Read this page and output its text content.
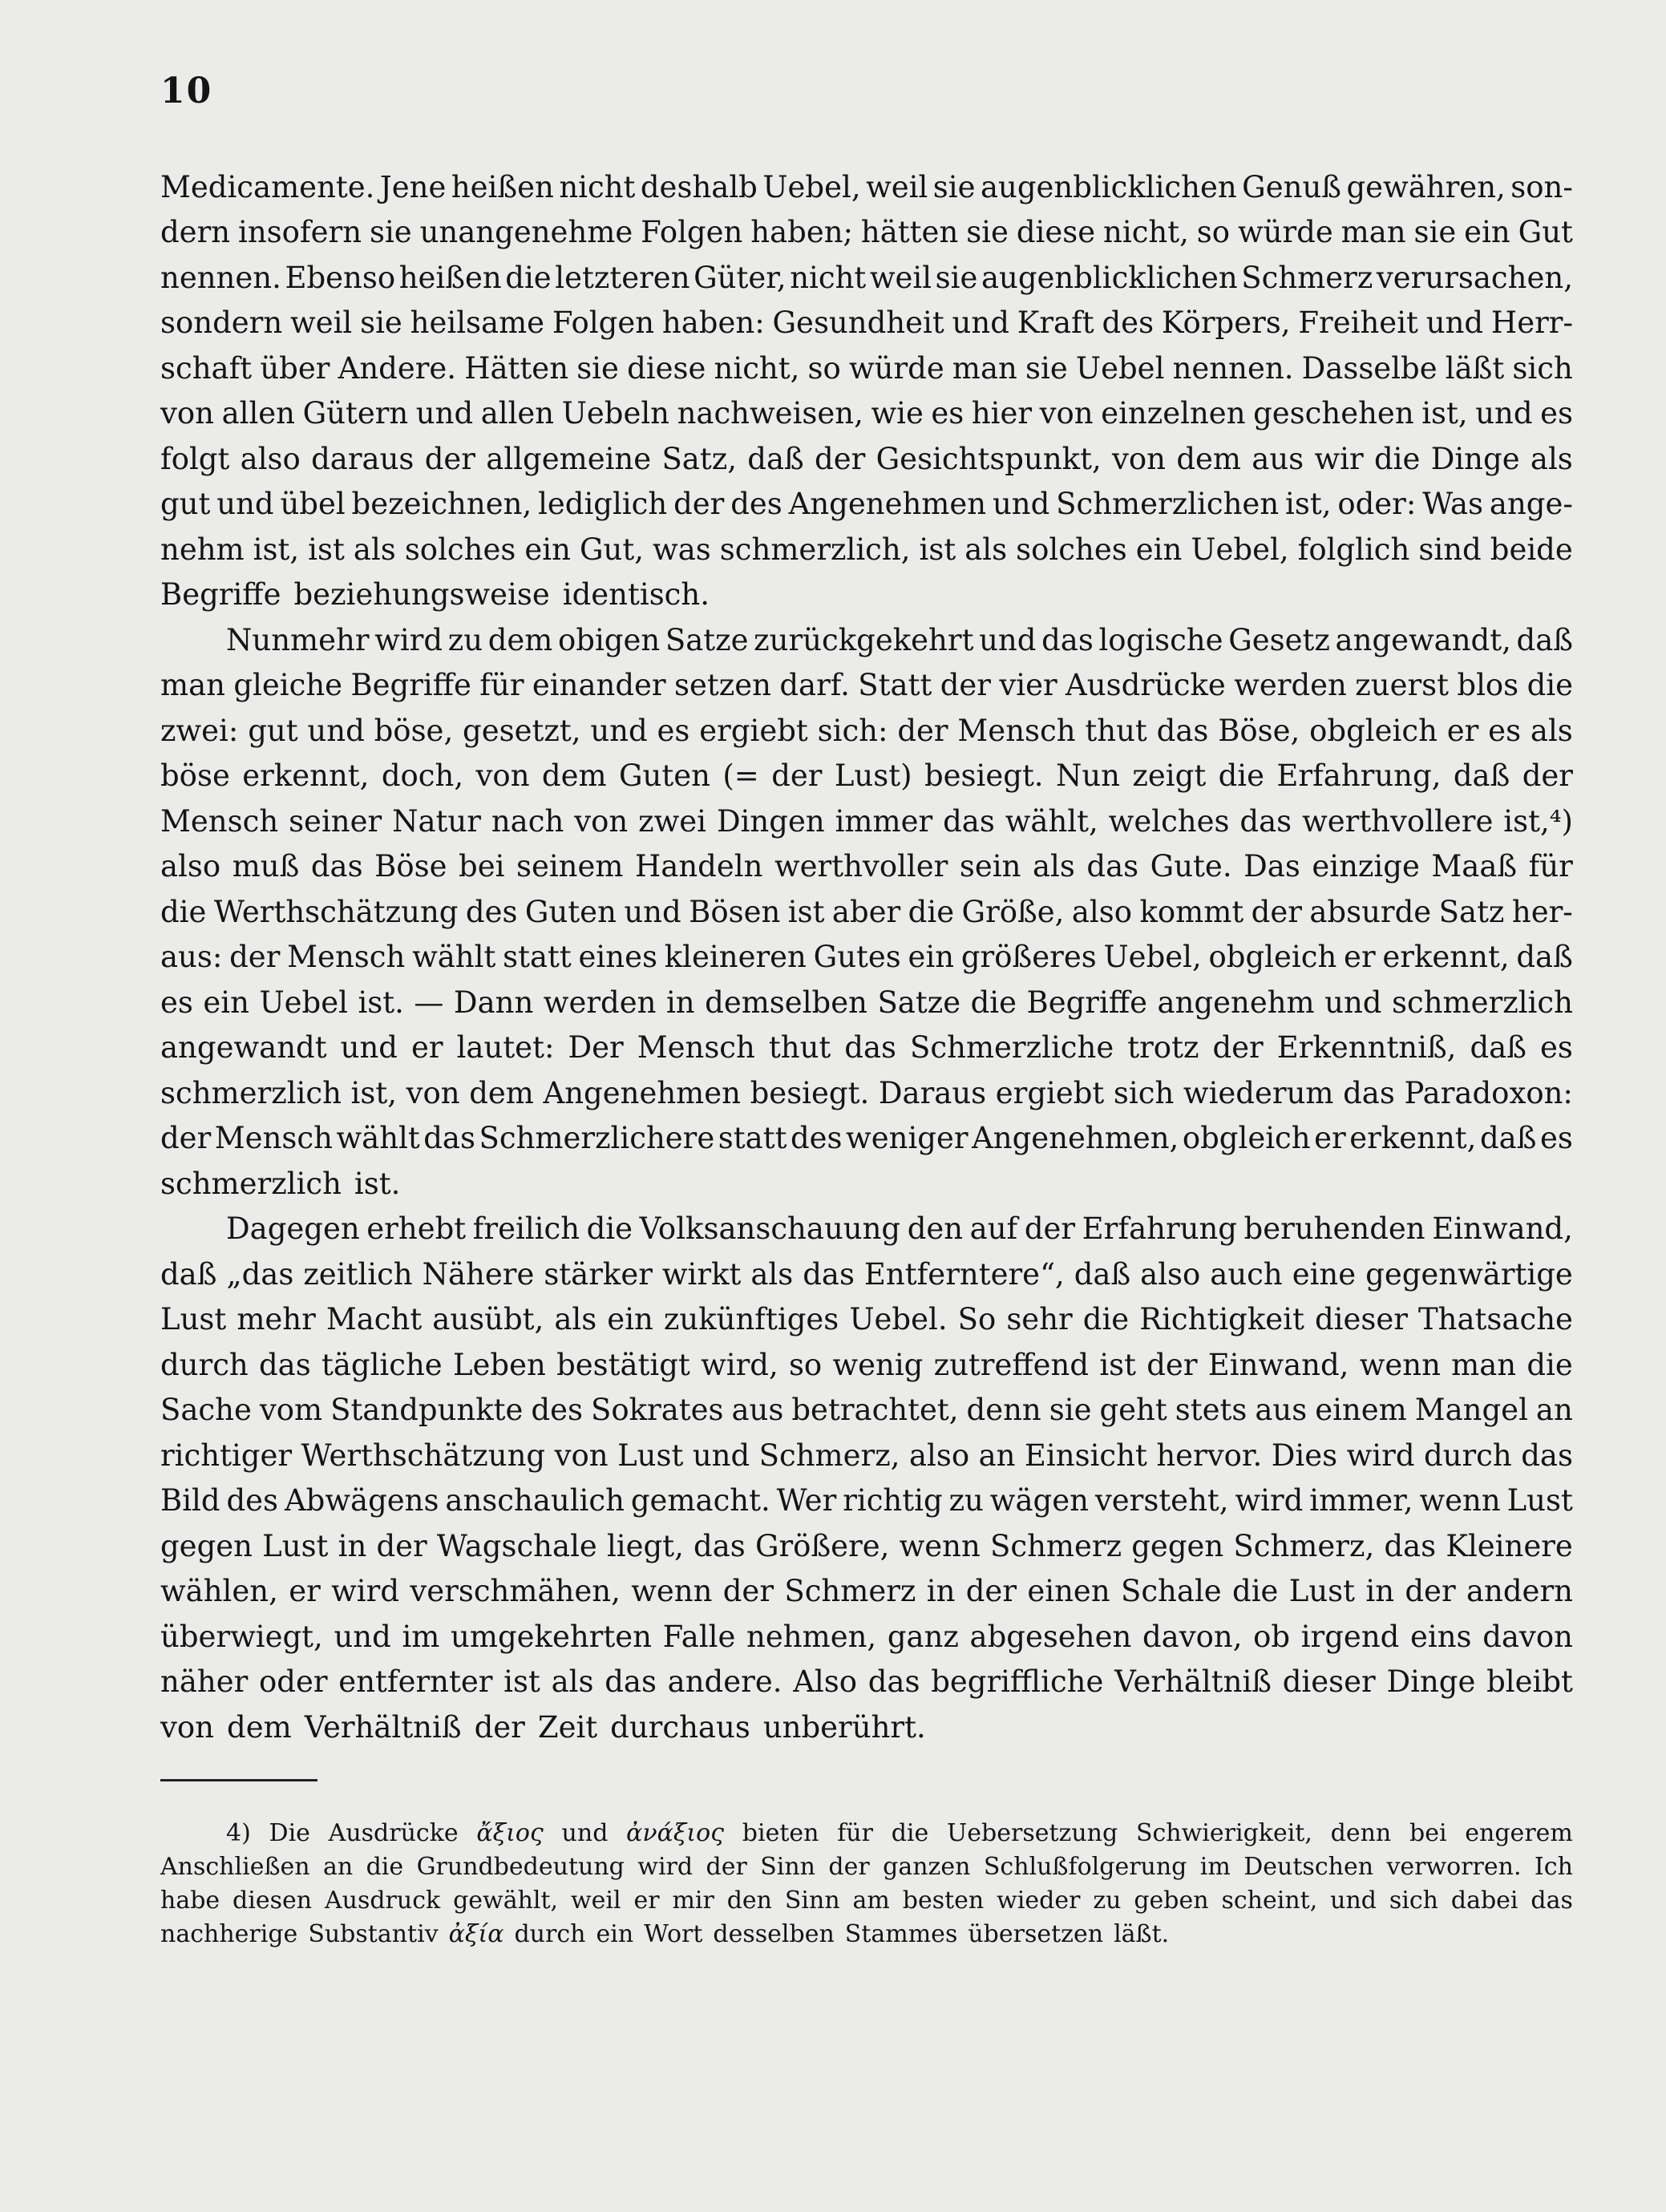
10
Medicamente. Jene heißen nicht deshalb Uebel, weil sie augenblicklichen Genuß gewähren, son-
dern insofern sie unangenehme Folgen haben; hätten sie diese nicht, so würde man sie ein Gut
nennen. Ebenso heißen die letzteren Güter, nicht weil sie augenblicklichen Schmerz verursachen,
sondern weil sie heilsame Folgen haben: Gesundheit und Kraft des Körpers, Freiheit und Herr-
schaft über Andere. Hätten sie diese nicht, so würde man sie Uebel nennen. Dasselbe läßt sich
von allen Gütern und allen Uebeln nachweisen, wie es hier von einzelnen geschehen ist, und es
folgt also daraus der allgemeine Satz, daß der Gesichtspunkt, von dem aus wir die Dinge als
gut und übel bezeichnen, lediglich der des Angenehmen und Schmerzlichen ist, oder: Was ange-
nehm ist, ist als solches ein Gut, was schmerzlich, ist als solches ein Uebel, folglich sind beide
Begriffe beziehungsweise identisch.
Nunmehr wird zu dem obigen Satze zurückgekehrt und das logische Gesetz angewandt, daß
man gleiche Begriffe für einander setzen darf. Statt der vier Ausdrücke werden zuerst blos die
zwei: gut und böse, gesetzt, und es ergiebt sich: der Mensch thut das Böse, obgleich er es als
böse erkennt, doch, von dem Guten (= der Lust) besiegt. Nun zeigt die Erfahrung, daß der
Mensch seiner Natur nach von zwei Dingen immer das wählt, welches das werthvollere ist,⁴)
also muß das Böse bei seinem Handeln werthvoller sein als das Gute. Das einzige Maaß für
die Werthschätzung des Guten und Bösen ist aber die Größe, also kommt der absurde Satz her-
aus: der Mensch wählt statt eines kleineren Gutes ein größeres Uebel, obgleich er erkennt, daß
es ein Uebel ist. — Dann werden in demselben Satze die Begriffe angenehm und schmerzlich
angewandt und er lautet: Der Mensch thut das Schmerzliche trotz der Erkenntniß, daß es
schmerzlich ist, von dem Angenehmen besiegt. Daraus ergiebt sich wiederum das Paradoxon:
der Mensch wählt das Schmerzlichere statt des weniger Angenehmen, obgleich er erkennt, daß es
schmerzlich ist.
Dagegen erhebt freilich die Volksanschauung den auf der Erfahrung beruhenden Einwand,
daß „das zeitlich Nähere stärker wirkt als das Entferntere“, daß also auch eine gegenwärtige
Lust mehr Macht ausübt, als ein zukünftiges Uebel. So sehr die Richtigkeit dieser Thatsache
durch das tägliche Leben bestätigt wird, so wenig zutreffend ist der Einwand, wenn man die
Sache vom Standpunkte des Sokrates aus betrachtet, denn sie geht stets aus einem Mangel an
richtiger Werthschätzung von Lust und Schmerz, also an Einsicht hervor. Dies wird durch das
Bild des Abwägens anschaulich gemacht. Wer richtig zu wägen versteht, wird immer, wenn Lust
gegen Lust in der Wagschale liegt, das Größere, wenn Schmerz gegen Schmerz, das Kleinere
wählen, er wird verschmähen, wenn der Schmerz in der einen Schale die Lust in der andern
überwiegt, und im umgekehrten Falle nehmen, ganz abgesehen davon, ob irgend eins davon
näher oder entfernter ist als das andere. Also das begriffliche Verhältniß dieser Dinge bleibt
von dem Verhältniß der Zeit durchaus unberührt.
4) Die Ausdrücke ἄξιος und ἀνάξιος bieten für die Uebersetzung Schwierigkeit, denn bei engerem
Anschließen an die Grundbedeutung wird der Sinn der ganzen Schlußfolgerung im Deutschen verworren. Ich
habe diesen Ausdruck gewählt, weil er mir den Sinn am besten wieder zu geben scheint, und sich dabei das
nachherige Substantiv ἀξία durch ein Wort desselben Stammes übersetzen läßt.
